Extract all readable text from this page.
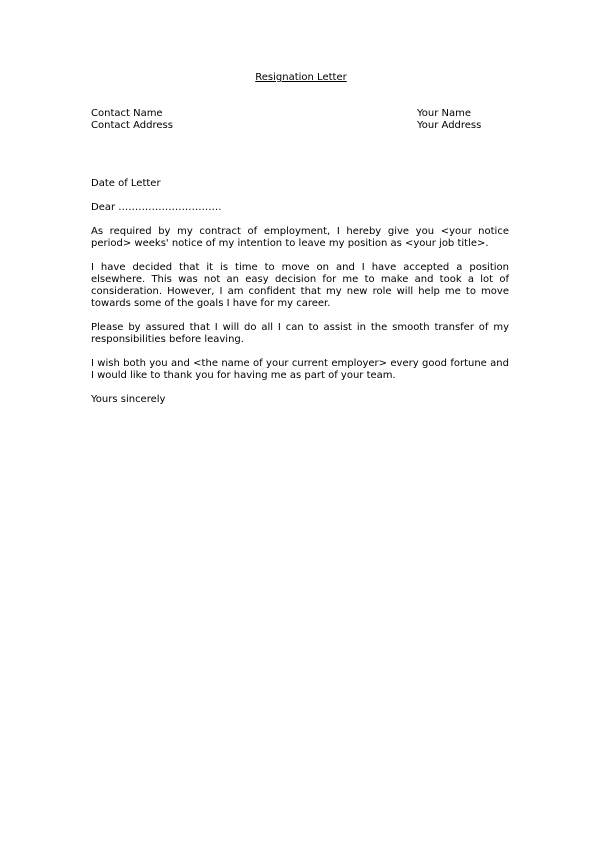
Resignation Letter
Contact Name
Contact Address
Your Name
Your Address
Date of Letter
Dear ………………………….

As required by my contract of employment, I hereby give you <your notice period> weeks' notice of my intention to leave my position as <your job title>.

I have decided that it is time to move on and I have accepted a position elsewhere. This was not an easy decision for me to make and took a lot of consideration. However, I am confident that my new role will help me to move towards some of the goals I have for my career.

Please by assured that I will do all I can to assist in the smooth transfer of my responsibilities before leaving.

I wish both you and <the name of your current employer> every good fortune and I would like to thank you for having me as part of your team.

Yours sincerely
